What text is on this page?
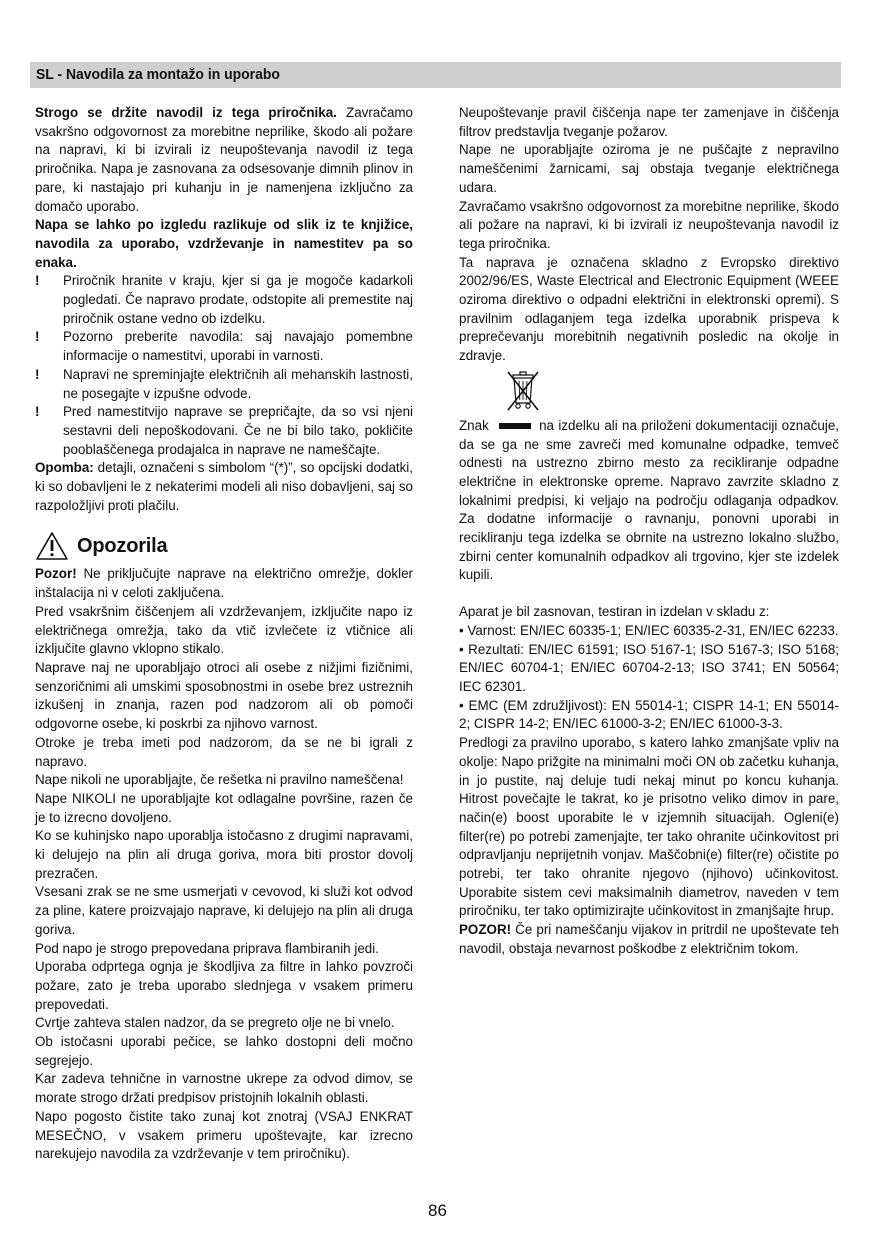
SL - Navodila za montažo in uporabo

Strogo se držite navodil iz tega priročnika. Zavračamo vsakršno odgovornost za morebitne neprilike, škodo ali požare na napravi, ki bi izvirali iz neupoštevanja navodil iz tega priročnika. Napa je zasnovana za odsesovanje dimnih plinov in pare, ki nastajajo pri kuhanju in je namenjena izključno za domačo uporabo.

Napa se lahko po izgledu razlikuje od slik iz te knjižice, navodila za uporabo, vzdrževanje in namestitev pa so enaka.

! Priročnik hranite v kraju, kjer si ga je mogoče kadarkoli pogledati. Če napravo prodate, odstopite ali premestite naj priročnik ostane vedno ob izdelku.
! Pozorno preberite navodila: saj navajajo pomembne informacije o namestitvi, uporabi in varnosti.
! Napravi ne spreminjajte električnih ali mehanskih lastnosti, ne posegajte v izpušne odvode.
! Pred namestitvijo naprave se prepričajte, da so vsi njeni sestavni deli nepoškodovani. Če ne bi bilo tako, pokličite pooblaščenega prodajalca in naprave ne nameščajte.

Opomba: detajli, označeni s simbolom “(*)”, so opcijski dodatki, ki so dobavljeni le z nekaterimi modeli ali niso dobavljeni, saj so razpoložljivi proti plačilu.

Opozorila

Pozor! Ne priključujte naprave na električno omrežje, dokler inštalacija ni v celoti zaključena.

Pred vsakršnim čiščenjem ali vzdrževanjem, izključite napo iz električnega omrežja, tako da vtič izvlečete iz vtičnice ali izključite glavno vklopno stikalo.

Naprave naj ne uporabljajo otroci ali osebe z nižjimi fizičnimi, senzoričnimi ali umskimi sposobnostmi in osebe brez ustreznih izkušenj in znanja, razen pod nadzorom ali ob pomoči odgovorne osebe, ki poskrbi za njihovo varnost.

Otroke je treba imeti pod nadzorom, da se ne bi igrali z napravo.

Nape nikoli ne uporabljajte, če rešetka ni pravilno nameščena!

Nape NIKOLI ne uporabljajte kot odlagalne površine, razen če je to izrecno dovoljeno.

Ko se kuhinjsko napo uporablja istočasno z drugimi napravami, ki delujejo na plin ali druga goriva, mora biti prostor dovolj prezračen.

Vsesani zrak se ne sme usmerjati v cevovod, ki služi kot odvod za pline, katere proizvajajo naprave, ki delujejo na plin ali druga goriva.

Pod napo je strogo prepovedana priprava flambiranih jedi.

Uporaba odprtega ognja je škodljiva za filtre in lahko povzroči požare, zato je treba uporabo slednjega v vsakem primeru prepovedati.

Cvrtje zahteva stalen nadzor, da se pregreto olje ne bi vnelo.

Ob istočasni uporabi pečice, se lahko dostopni deli močno segrejejo.

Kar zadeva tehnične in varnostne ukrepe za odvod dimov, se morate strogo držati predpisov pristojnih lokalnih oblasti.

Napo pogosto čistite tako zunaj kot znotraj (VSAJ ENKRAT MESEČNO, v vsakem primeru upoštevajte, kar izrecno narekujejo navodila za vzdrževanje v tem priročniku).

Neupoštevanje pravil čiščenja nape ter zamenjave in čiščenja filtrov predstavlja tveganje požarov.

Nape ne uporabljajte oziroma je ne puščajte z nepravilno nameščenimi žarnicami, saj obstaja tveganje električnega udara.

Zavračamo vsakršno odgovornost za morebitne neprilike, škodo ali požare na napravi, ki bi izvirali iz neupoštevanja navodil iz tega priročnika.

Ta naprava je označena skladno z Evropsko direktivo 2002/96/ES, Waste Electrical and Electronic Equipment (WEEE oziroma direktivo o odpadni električni in elektronski opremi). S pravilnim odlaganjem tega izdelka uporabnik prispeva k preprečevanju morebitnih negativnih posledic na okolje in zdravje.

Znak	na izdelku ali na priloženi dokumentaciji označuje, da se ga ne sme zavreči med komunalne odpadke, temveč odnesti na ustrezno zbirno mesto za recikliranje odpadne električne in elektronske opreme. Napravo zavrzite skladno z lokalnimi predpisi, ki veljajo na področju odlaganja odpadkov. Za dodatne informacije o ravnanju, ponovni uporabi in recikliranju tega izdelka se obrnite na ustrezno lokalno službo, zbirni center komunalnih odpadkov ali trgovino, kjer ste izdelek kupili.

Aparat je bil zasnovan, testiran in izdelan v skladu z:

• Varnost: EN/IEC 60335-1; EN/IEC 60335-2-31, EN/IEC 62233.

• Rezultati: EN/IEC 61591; ISO 5167-1; ISO 5167-3; ISO 5168; EN/IEC 60704-1; EN/IEC 60704-2-13; ISO 3741; EN 50564; IEC 62301.

• EMC (EM združljivost): EN 55014-1; CISPR 14-1; EN 55014-2; CISPR 14-2; EN/IEC 61000-3-2; EN/IEC 61000-3-3.

Predlogi za pravilno uporabo, s katero lahko zmanjšate vpliv na okolje: Napo prižgite na minimalni moči ON ob začetku kuhanja, in jo pustite, naj deluje tudi nekaj minut po koncu kuhanja. Hitrost povečajte le takrat, ko je prisotno veliko dimov in pare, način(e) boost uporabite le v izjemnih situacijah. Ogleni(e) filter(re) po potrebi zamenjajte, ter tako ohranite učinkovitost pri odpravljanju neprijetnih vonjav. Maščobni(e) filter(re) očistite po potrebi, ter tako ohranite njegovo (njihovo) učinkovitost. Uporabite sistem cevi maksimalnih diametrov, naveden v tem priročniku, ter tako optimizirajte učinkovitost in zmanjšajte hrup.

POZOR! Če pri nameščanju vijakov in pritrdil ne upoštevate teh navodil, obstaja nevarnost poškodbe z električnim tokom.

86
